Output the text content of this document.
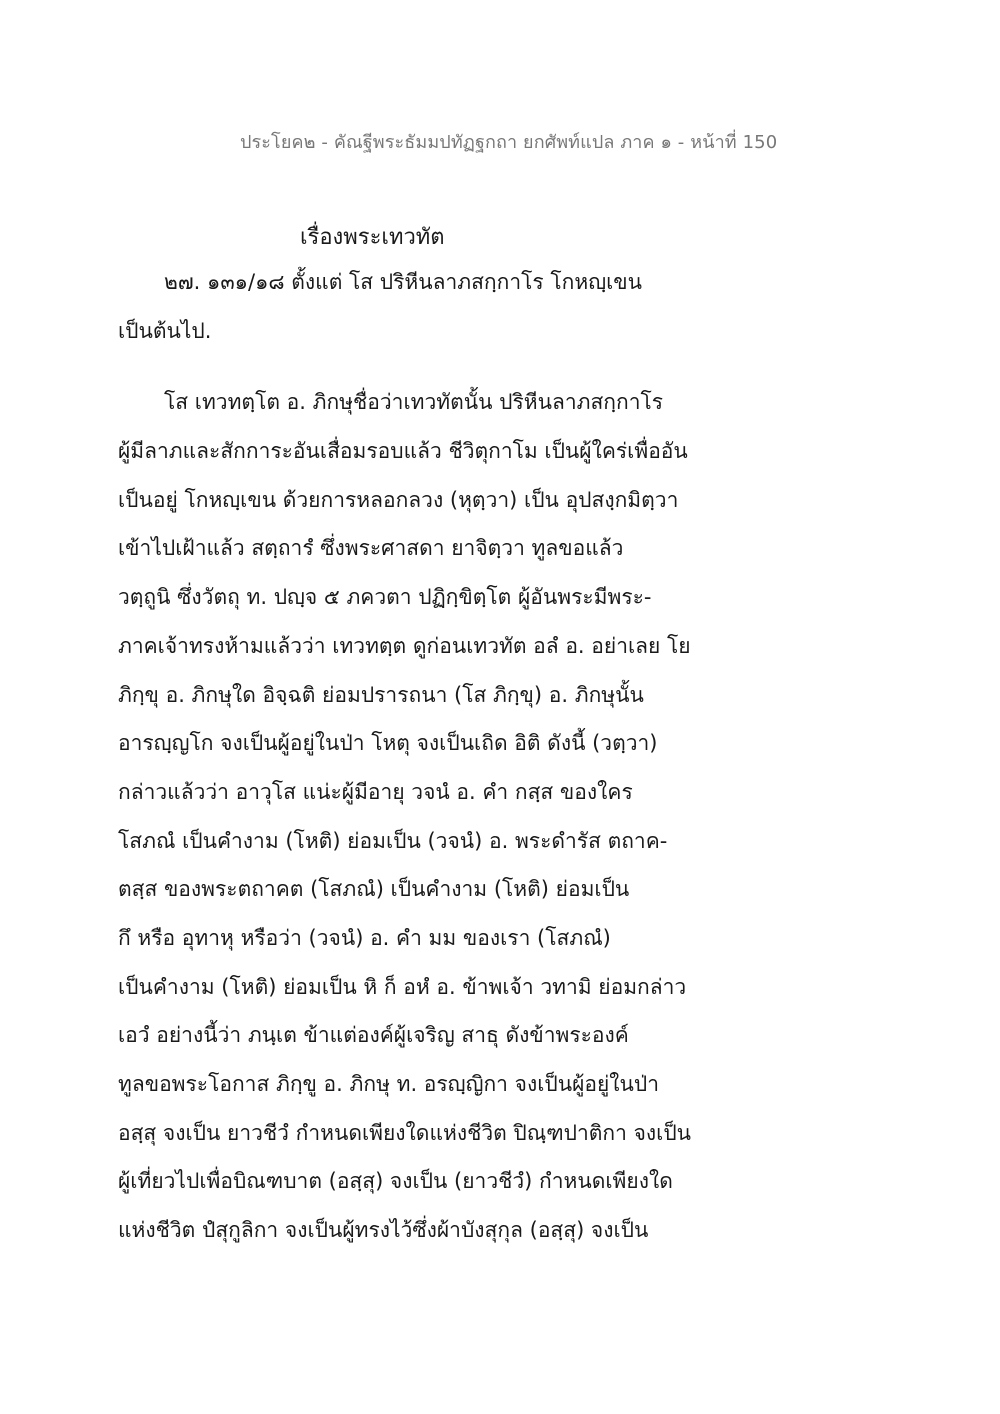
ประโยค๒ - คัณฐีพระธัมมปทัฏฐกถา ยกศัพท์แปล ภาค ๑ - หน้าที่ 150
เรื่องพระเทวทัต
๒๗. ๑๓๑/๑๘ ตั้งแต่ โส ปริหีนลาภสกฺกาโร โกหญฺเขน
เป็นต้นไป.
โส เทวทตฺโต อ. ภิกษุชื่อว่าเทวทัตนั้น ปริหีนลาภสกฺกาโร
ผู้มีลาภและสักการะอันเสื่อมรอบแล้ว ชีวิตุกาโม เป็นผู้ใคร่เพื่ออัน
เป็นอยู่ โกหญฺเขน ด้วยการหลอกลวง (หุตฺวา) เป็น อุปสงฺกมิตฺวา
เข้าไปเฝ้าแล้ว สตฺถารํ ซึ่งพระศาสดา ยาจิตฺวา ทูลขอแล้ว
วตฺถูนิ ซึ่งวัตถุ ท. ปญฺจ ๕ ภควตา ปฏิกฺขิตฺโต ผู้อันพระมีพระ-
ภาคเจ้าทรงห้ามแล้วว่า เทวทตฺต ดูก่อนเทวทัต อลํ อ. อย่าเลย โย
ภิกฺขุ อ. ภิกษุใด อิจฺฉติ ย่อมปรารถนา (โส ภิกฺขุ) อ. ภิกษุนั้น
อารญฺญโก จงเป็นผู้อยู่ในป่า โหตุ จงเป็นเถิด อิติ ดังนี้ (วตฺวา)
กล่าวแล้วว่า อาวุโส แน่ะผู้มีอายุ วจนํ อ. คำ กสฺส ของใคร
โสภณํ เป็นคำงาม (โหติ) ย่อมเป็น (วจนํ) อ. พระดำรัส ตถาค-
ตสฺส ของพระตถาคต (โสภณํ) เป็นคำงาม (โหติ) ย่อมเป็น
กึ หรือ อุทาหุ หรือว่า (วจนํ) อ. คำ มม ของเรา (โสภณํ)
เป็นคำงาม (โหติ) ย่อมเป็น หิ ก็ อหํ อ. ข้าพเจ้า วทามิ ย่อมกล่าว
เอวํ อย่างนี้ว่า ภนฺเต ข้าแต่องค์ผู้เจริญ สาธุ ดังข้าพระองค์
ทูลขอพระโอกาส ภิกฺขู อ. ภิกษุ ท. อรญฺญิกา จงเป็นผู้อยู่ในป่า
อสฺสุ จงเป็น ยาวชีวํ กำหนดเพียงใดแห่งชีวิต ปิณฺฑปาติกา จงเป็น
ผู้เที่ยวไปเพื่อบิณฑบาต (อสฺสุ) จงเป็น (ยาวชีวํ) กำหนดเพียงใด
แห่งชีวิต ปํสุกูลิกา จงเป็นผู้ทรงไว้ซึ่งผ้าบังสุกุล (อสฺสุ) จงเป็น
